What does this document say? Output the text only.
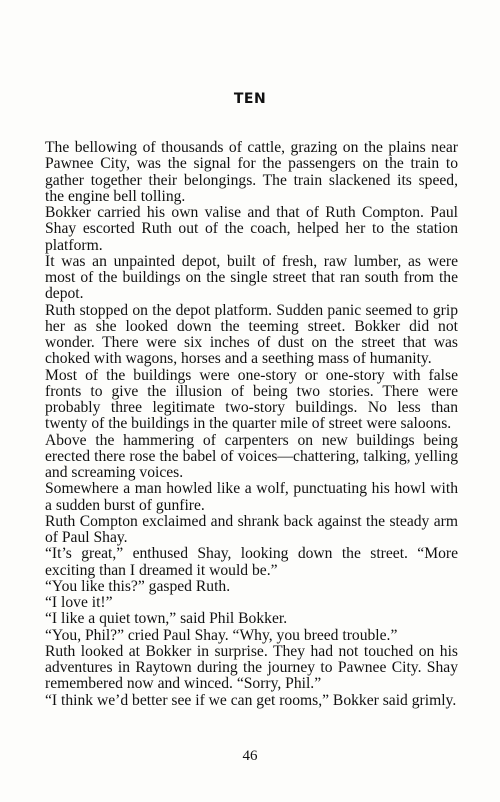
TEN

The bellowing of thousands of cattle, grazing on the plains near Pawnee City, was the signal for the passengers on the train to gather together their belongings. The train slackened its speed, the engine bell tolling.

Bokker carried his own valise and that of Ruth Compton. Paul Shay escorted Ruth out of the coach, helped her to the station platform.

It was an unpainted depot, built of fresh, raw lumber, as were most of the buildings on the single street that ran south from the depot.

Ruth stopped on the depot platform. Sudden panic seemed to grip her as she looked down the teeming street. Bokker did not wonder. There were six inches of dust on the street that was choked with wagons, horses and a seething mass of humanity.

Most of the buildings were one-story or one-story with false fronts to give the illusion of being two stories. There were probably three legitimate two-story buildings. No less than twenty of the buildings in the quarter mile of street were saloons.

Above the hammering of carpenters on new buildings being erected there rose the babel of voices—chattering, talking, yelling and screaming voices.

Somewhere a man howled like a wolf, punctuating his howl with a sudden burst of gunfire.

Ruth Compton exclaimed and shrank back against the steady arm of Paul Shay.

“It’s great,” enthused Shay, looking down the street. “More exciting than I dreamed it would be.”

“You like this?” gasped Ruth.

“I love it!”

“I like a quiet town,” said Phil Bokker.

“You, Phil?” cried Paul Shay. “Why, you breed trouble.”

Ruth looked at Bokker in surprise. They had not touched on his adventures in Raytown during the journey to Pawnee City. Shay remembered now and winced. “Sorry, Phil.”

“I think we’d better see if we can get rooms,” Bokker said grimly.

46
